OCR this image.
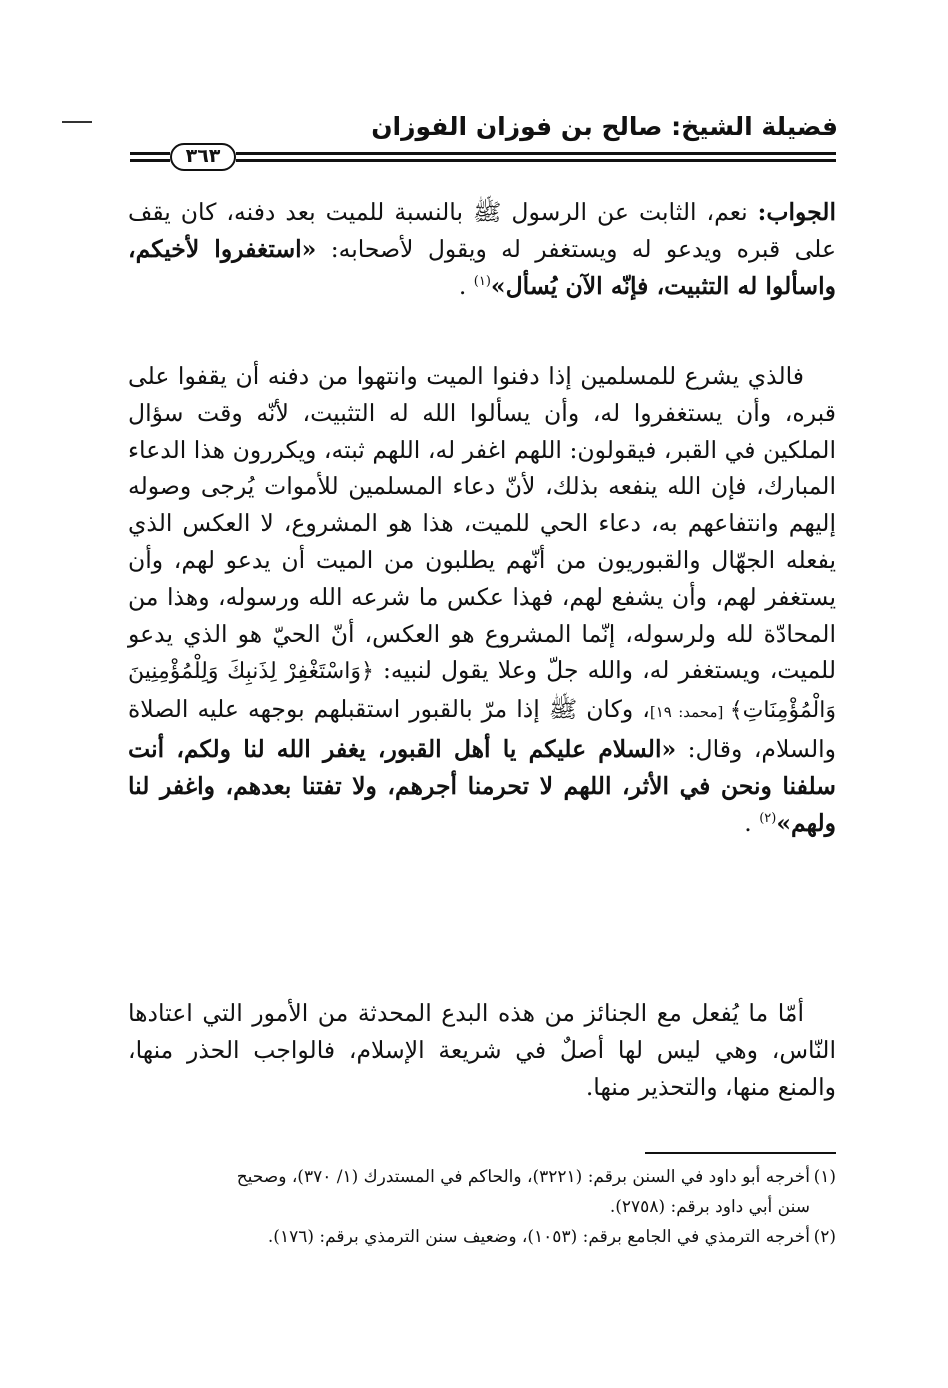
فضيلة الشيخ: صالح بن فوزان الفوزان
٣٦٣
الجواب: نعم، الثابت عن الرسول ﷺ بالنسبة للميت بعد دفنه، كان يقف على قبره ويدعو له ويستغفر له ويقول لأصحابه: «استغفروا لأخيكم، واسألوا له التثبيت، فإنّه الآن يُسأل»$^{(١)}$ .
فالذي يشرع للمسلمين إذا دفنوا الميت وانتهوا من دفنه أن يقفوا على قبره، وأن يستغفروا له، وأن يسألوا الله له التثبيت، لأنّه وقت سؤال الملكين في القبر، فيقولون: اللهم اغفر له، اللهم ثبته، ويكررون هذا الدعاء المبارك، فإن الله ينفعه بذلك، لأنّ دعاء المسلمين للأموات يُرجى وصوله إليهم وانتفاعهم به، دعاء الحي للميت، هذا هو المشروع، لا العكس الذي يفعله الجهّال والقبوريون من أنّهم يطلبون من الميت أن يدعو لهم، وأن يستغفر لهم، وأن يشفع لهم، فهذا عكس ما شرعه الله ورسوله، وهذا من المحادّة لله ولرسوله، إنّما المشروع هو العكس، أنّ الحيّ هو الذي يدعو للميت، ويستغفر له، والله جلّ وعلا يقول لنبيه: ﴿وَاسْتَغْفِرْ لِذَنبِكَ وَلِلْمُؤْمِنِينَ وَالْمُؤْمِنَاتِ﴾ [محمد: ١٩]، وكان ﷺ إذا مرّ بالقبور استقبلهم بوجهه عليه الصلاة والسلام، وقال: «السلام عليكم يا أهل القبور، يغفر الله لنا ولكم، أنت سلفنا ونحن في الأثر، اللهم لا تحرمنا أجرهم، ولا تفتنا بعدهم، واغفر لنا ولهم»$^{(٢)}$ .
أمّا ما يُفعل مع الجنائز من هذه البدع المحدثة من الأمور التي اعتادها النّاس، وهي ليس لها أصلٌ في شريعة الإسلام، فالواجب الحذر منها، والمنع منها، والتحذير منها.
(١)أخرجه أبو داود في السنن برقم: (٣٢٢١)، والحاكم في المستدرك (١/ ٣٧٠)، وصحيح
سنن أبي داود برقم: (٢٧٥٨).
(٢)أخرجه الترمذي في الجامع برقم: (١٠٥٣)، وضعيف سنن الترمذي برقم: (١٧٦).
